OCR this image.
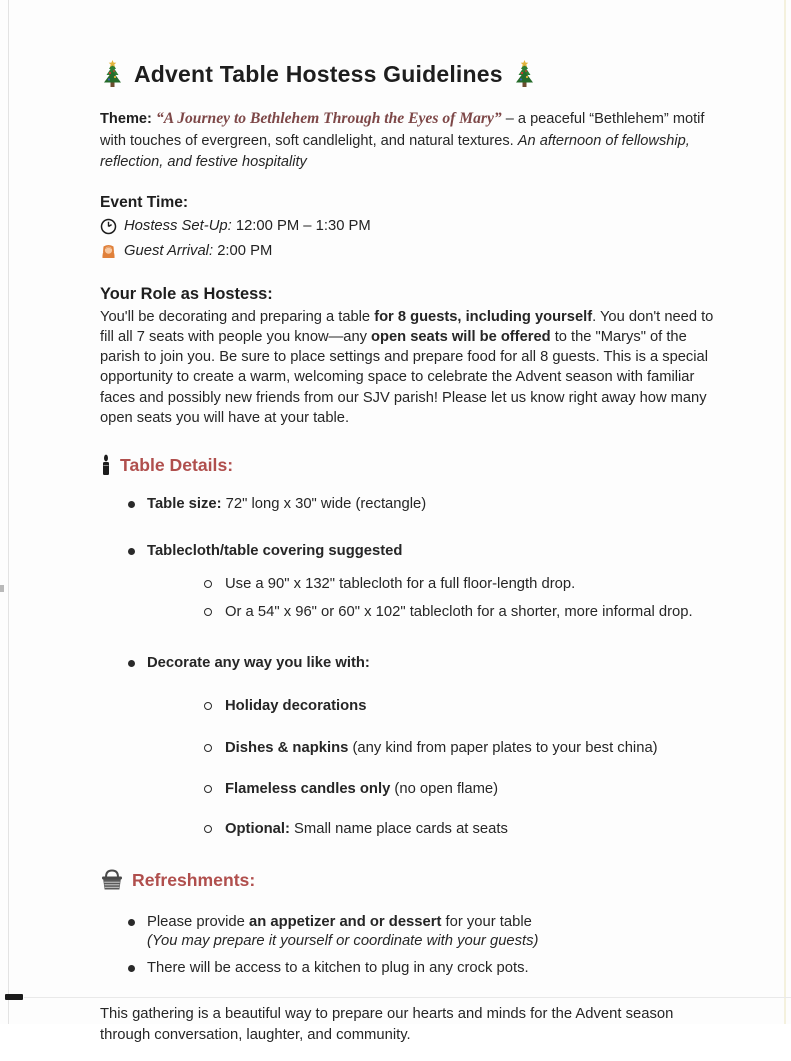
Advent Table Hostess Guidelines

Theme: “A Journey to Bethlehem Through the Eyes of Mary” – a peaceful “Bethlehem” motif with touches of evergreen, soft candlelight, and natural textures. An afternoon of fellowship, reflection, and festive hospitality

Event Time:
Hostess Set-Up: 12:00 PM – 1:30 PM
Guest Arrival: 2:00 PM
Your Role as Hostess:

You'll be decorating and preparing a table for 8 guests, including yourself. You don't need to fill all 7 seats with people you know—any open seats will be offered to the "Marys" of the parish to join you. Be sure to place settings and prepare food for all 8 guests. This is a special opportunity to create a warm, welcoming space to celebrate the Advent season with familiar faces and possibly new friends from our SJV parish! Please let us know right away how many open seats you will have at your table.

Table Details:
Table size: 72" long x 30" wide (rectangle)
Tablecloth/table covering suggested
Use a 90" x 132" tablecloth for a full floor-length drop.
Or a 54" x 96" or 60" x 102" tablecloth for a shorter, more informal drop.
Decorate any way you like with:
Holiday decorations
Dishes & napkins (any kind from paper plates to your best china)
Flameless candles only (no open flame)
Optional: Small name place cards at seats
Refreshments:
Please provide an appetizer and or dessert for your table
(You may prepare it yourself or coordinate with your guests)
There will be access to a kitchen to plug in any crock pots.

This gathering is a beautiful way to prepare our hearts and minds for the Advent season through conversation, laughter, and community.
